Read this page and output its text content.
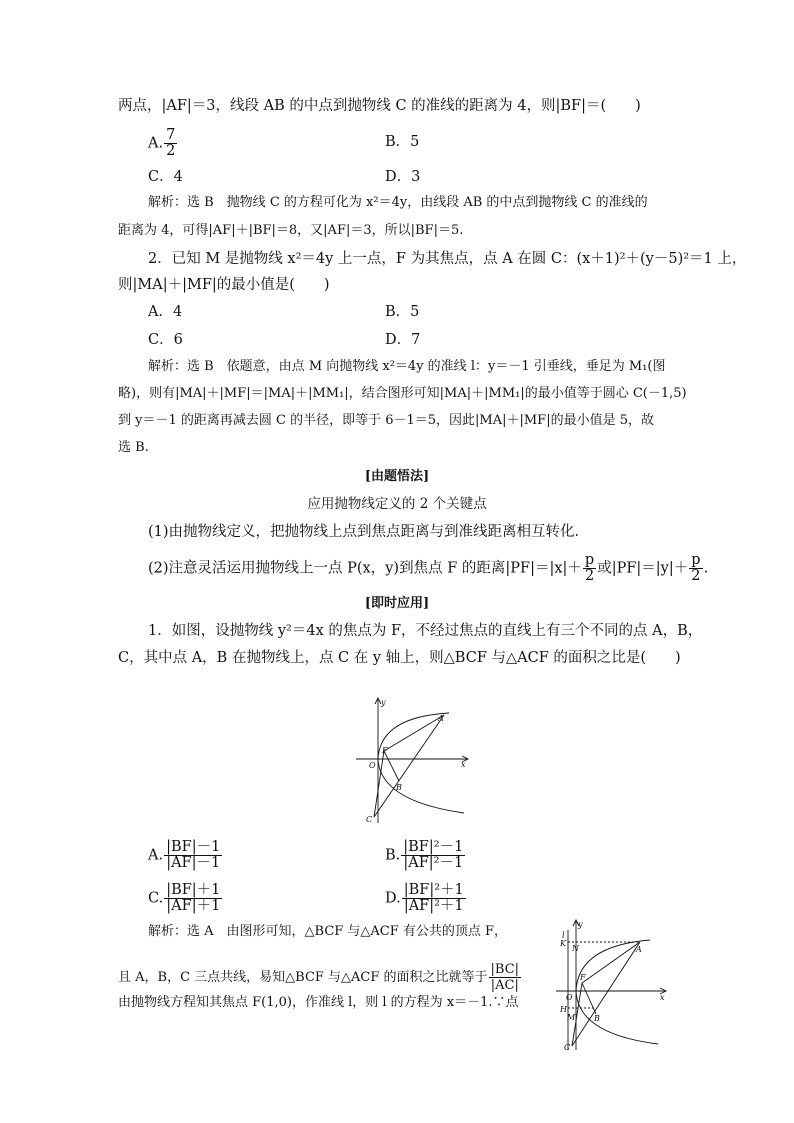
两点，|AF|＝3，线段 AB 的中点到抛物线 C 的准线的距离为 4，则|BF|＝(　　)
A. $\frac{7}{2}$	B．5
C．4	D．3
解析：选 B　抛物线 C 的方程可化为 x²＝4y，由线段 AB 的中点到抛物线 C 的准线的
距离为 4，可得|AF|＋|BF|＝8，又|AF|＝3，所以|BF|＝5.
2．已知 M 是抛物线 x²＝4y 上一点，F 为其焦点，点 A 在圆 C：(x＋1)²＋(y－5)²＝1 上，
则|MA|＋|MF|的最小值是(　　)
A．4	B．5
C．6	D．7
解析：选 B　依题意，由点 M 向抛物线 x²＝4y 的准线 l：y＝－1 引垂线，垂足为 M₁(图
略)，则有|MA|＋|MF|＝|MA|＋|MM₁|，结合图形可知|MA|＋|MM₁|的最小值等于圆心 C(－1,5)
到 y＝－1 的距离再减去圆 C 的半径，即等于 6－1＝5，因此|MA|＋|MF|的最小值是 5，故
选 B.
[由题悟法]
应用抛物线定义的 2 个关键点
(1)由抛物线定义，把抛物线上点到焦点距离与到准线距离相互转化．
(2)注意灵活运用抛物线上一点 P(x，y)到焦点 F 的距离$|PF|=|x|+ \frac{p}{2}$ 或$|PF|=|y|+ \frac{p}{2}$ .
[即时应用]
1．如图，设抛物线 y²＝4x 的焦点为 F，不经过焦点的直线上有三个不同的点 A，B，
C，其中点 A，B 在抛物线上，点 C 在 y 轴上，则△BCF 与△ACF 的面积之比是(　　)
y
x
A
F
O
B
C
A. $\frac{|BF|-1}{|AF|-1}$	B. $\frac{\text{|BF|²－1}}{\text{|AF|²－1}}$
C. $\frac{|BF|+1}{|AF|+1}$	D. $\frac{\text{|BF|²＋1}}{\text{|AF|²＋1}}$
解析：选 A　由图形可知，△BCF 与△ACF 有公共的顶点 F，
且 A，B，C 三点共线，易知△BCF 与△ACF 的面积之比就等于 $\frac{|BC|}{|AC|}$
由抛物线方程知其焦点 F(1,0)，作准线 l，则 l 的方程为 x＝－1.∵点
y
x
l
K
N	A
F
O
H
M B
C
